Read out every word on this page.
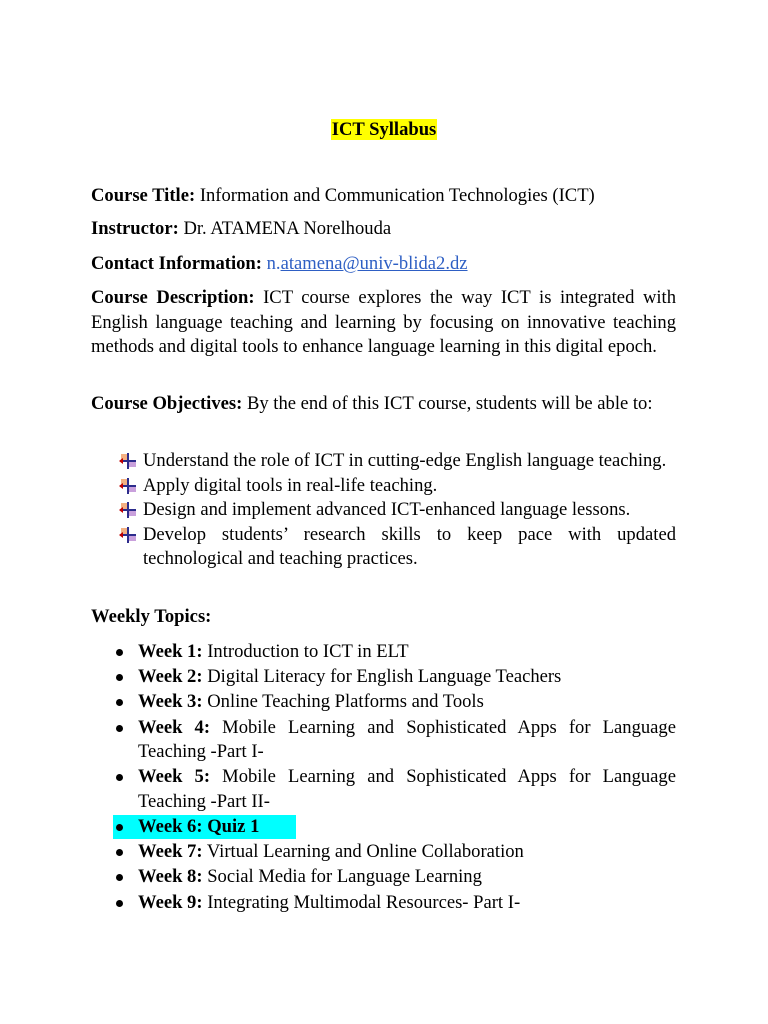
ICT Syllabus
Course Title: Information and Communication Technologies (ICT)
Instructor: Dr. ATAMENA Norelhouda
Contact Information: n.atamena@univ-blida2.dz
Course Description: ICT course explores the way ICT is integrated with English language teaching and learning by focusing on innovative teaching methods and digital tools to enhance language learning in this digital epoch.
Course Objectives: By the end of this ICT course, students will be able to:
Understand the role of ICT in cutting-edge English language teaching.
Apply digital tools in real-life teaching.
Design and implement advanced ICT-enhanced language lessons.
Develop students’ research skills to keep pace with updated technological and teaching practices.
Weekly Topics:
Week 1: Introduction to ICT in ELT
Week 2: Digital Literacy for English Language Teachers
Week 3: Online Teaching Platforms and Tools
Week 4: Mobile Learning and Sophisticated Apps for Language Teaching -Part I-
Week 5: Mobile Learning and Sophisticated Apps for Language Teaching -Part II-
Week 6: Quiz 1
Week 7: Virtual Learning and Online Collaboration
Week 8: Social Media for Language Learning
Week 9: Integrating Multimodal Resources- Part I-
